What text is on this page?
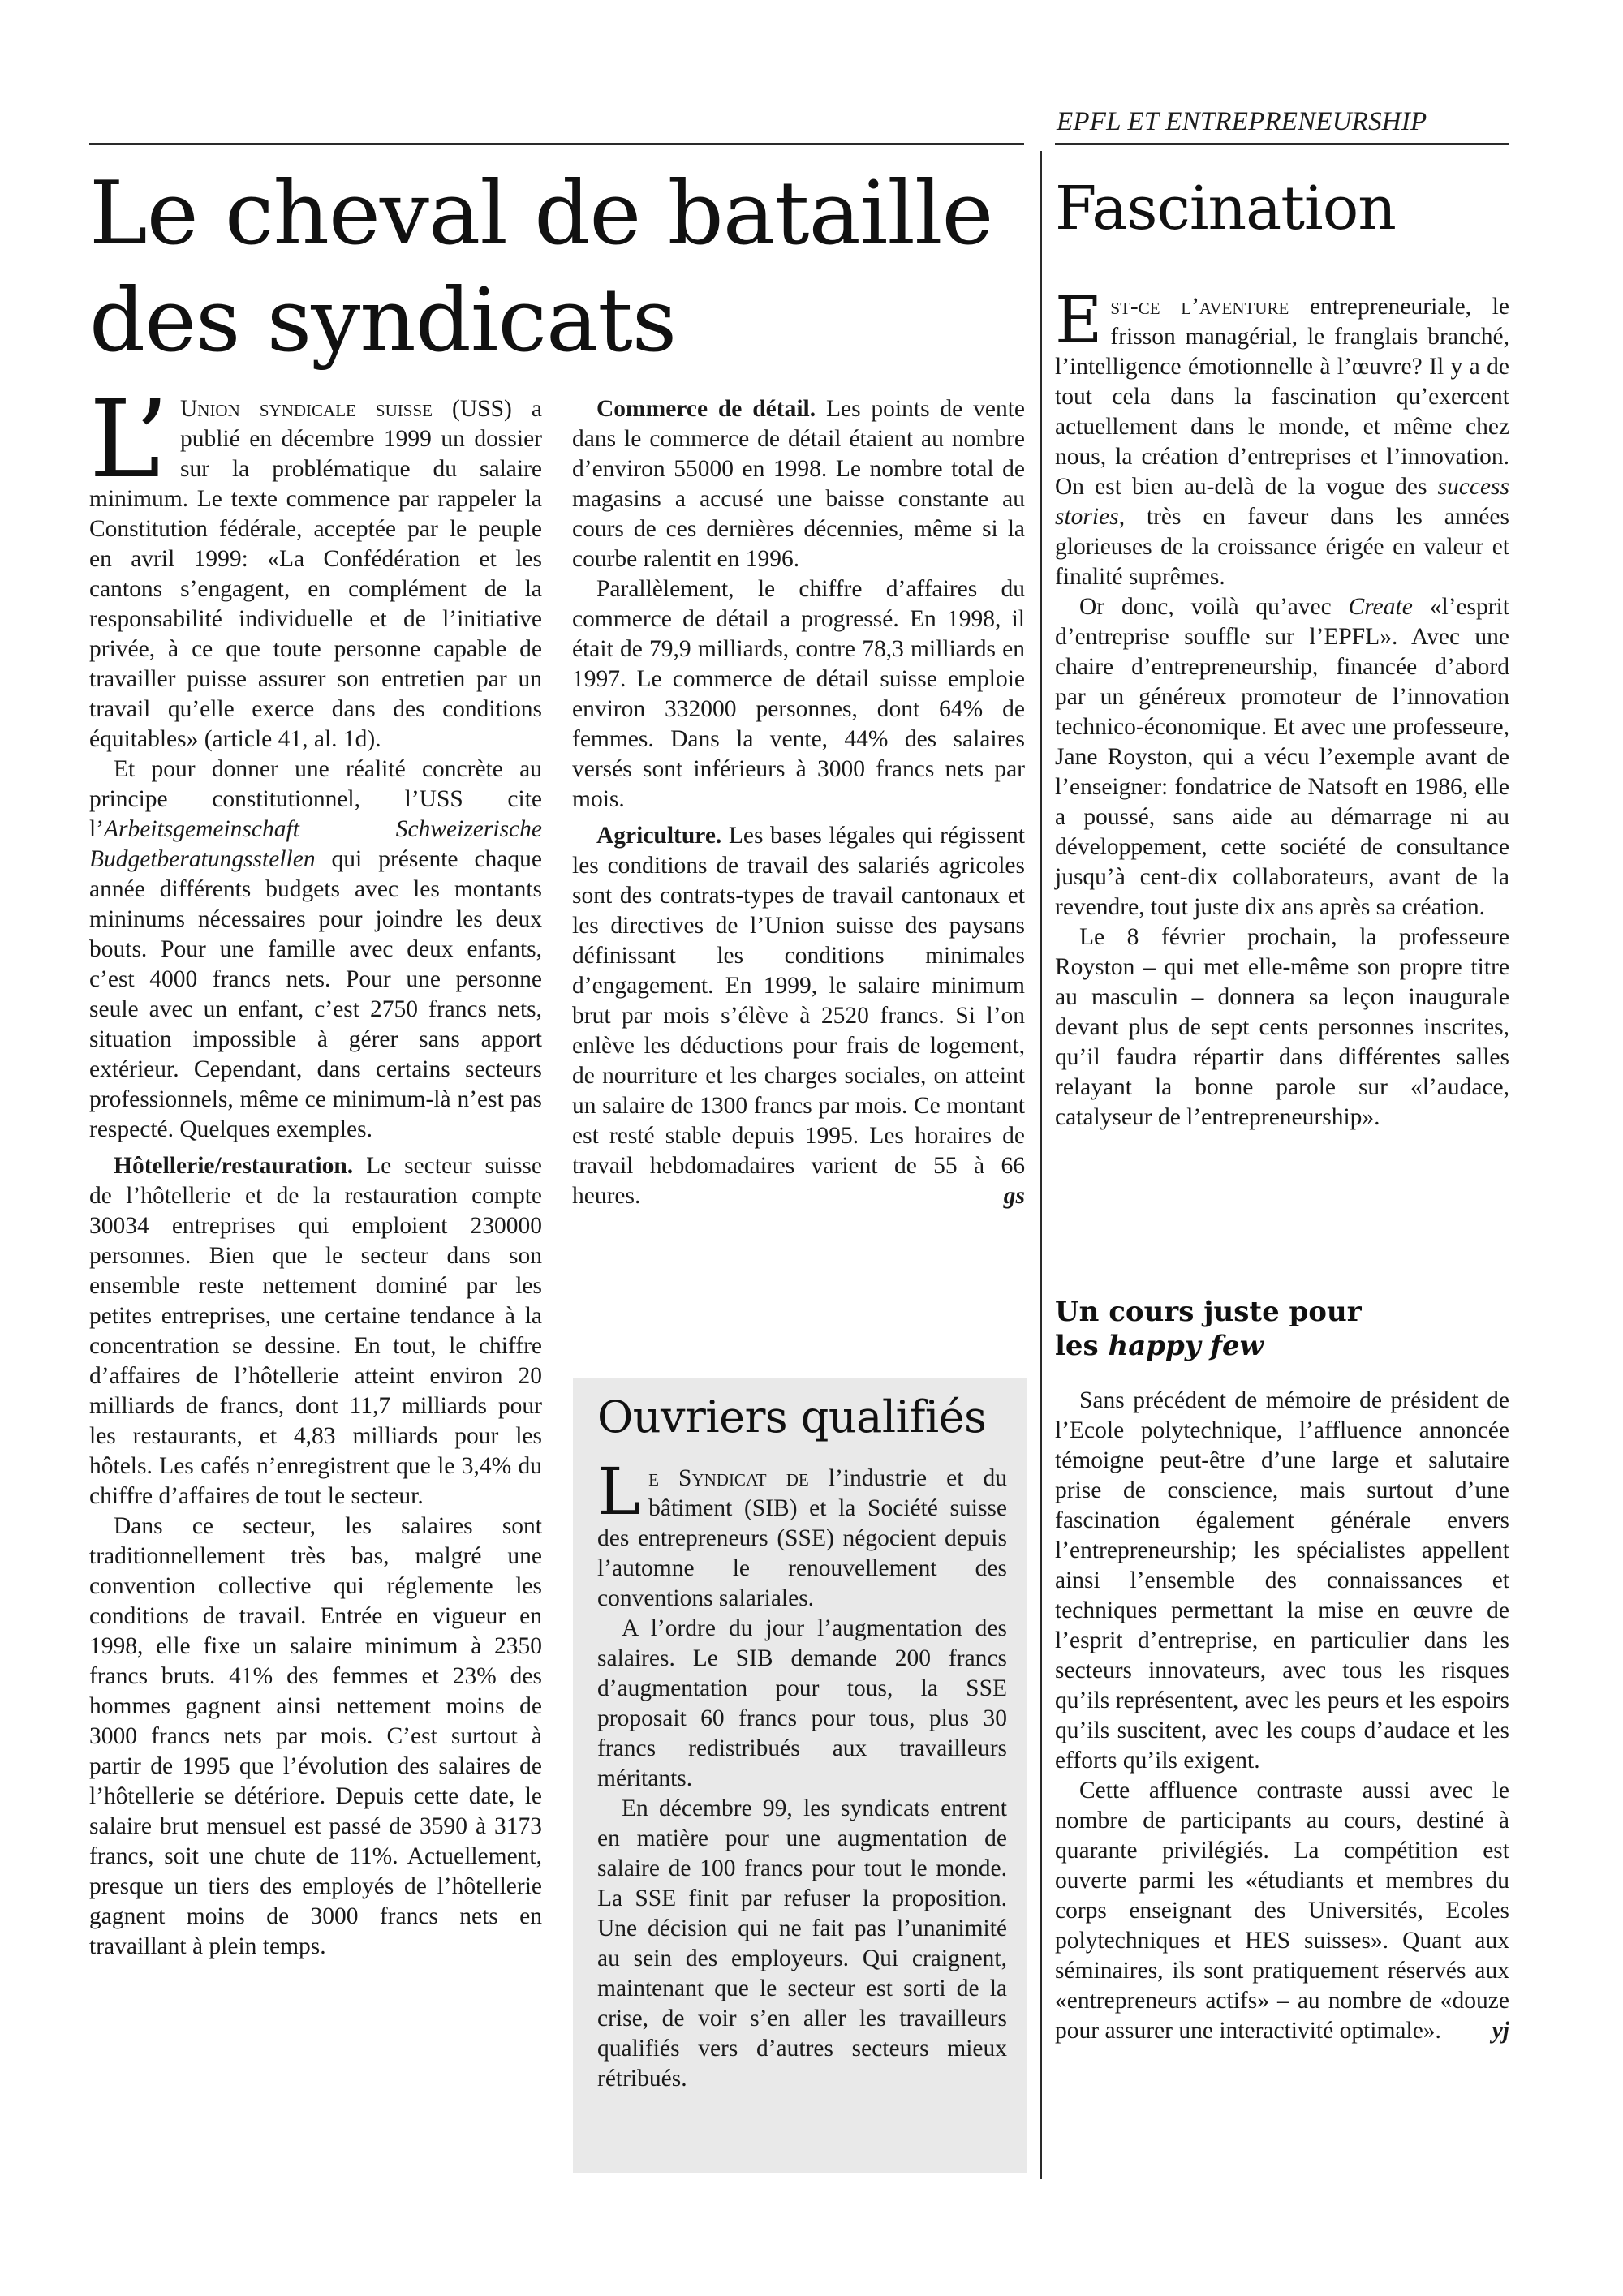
EPFL ET ENTREPRENEURSHIP

Le cheval de bataille des syndicats

L’ Union syndicale suisse (USS) a publié en décembre 1999 un dossier sur la problématique du salaire minimum. Le texte commence par rappeler la Constitution fédérale, acceptée par le peuple en avril 1999: «La Confédération et les cantons s’engagent, en complément de la responsabilité individuelle et de l’initiative privée, à ce que toute personne capable de travailler puisse assurer son entretien par un travail qu’elle exerce dans des conditions équitables» (article 41, al. 1d).

Et pour donner une réalité concrète au principe constitutionnel, l’USS cite l’Arbeitsgemeinschaft Schweizerische Budgetberatungsstellen qui présente chaque année différents budgets avec les montants mininums nécessaires pour joindre les deux bouts. Pour une famille avec deux enfants, c’est 4000 francs nets. Pour une personne seule avec un enfant, c’est 2750 francs nets, situation impossible à gérer sans apport extérieur. Cependant, dans certains secteurs professionnels, même ce minimum-là n’est pas respecté. Quelques exemples.

Hôtellerie/restauration. Le secteur suisse de l’hôtellerie et de la restauration compte 30034 entreprises qui emploient 230000 personnes. Bien que le secteur dans son ensemble reste nettement dominé par les petites entreprises, une certaine tendance à la concentration se dessine. En tout, le chiffre d’affaires de l’hôtellerie atteint environ 20 milliards de francs, dont 11,7 milliards pour les restaurants, et 4,83 milliards pour les hôtels. Les cafés n’enregistrent que le 3,4% du chiffre d’affaires de tout le secteur.

Dans ce secteur, les salaires sont traditionnellement très bas, malgré une convention collective qui réglemente les conditions de travail. Entrée en vigueur en 1998, elle fixe un salaire minimum à 2350 francs bruts. 41% des femmes et 23% des hommes gagnent ainsi nettement moins de 3000 francs nets par mois. C’est surtout à partir de 1995 que l’évolution des salaires de l’hôtellerie se détériore. Depuis cette date, le salaire brut mensuel est passé de 3590 à 3173 francs, soit une chute de 11%. Actuellement, presque un tiers des employés de l’hôtellerie gagnent moins de 3000 francs nets en travaillant à plein temps.

Commerce de détail. Les points de vente dans le commerce de détail étaient au nombre d’environ 55000 en 1998. Le nombre total de magasins a accusé une baisse constante au cours de ces dernières décennies, même si la courbe ralentit en 1996.

Parallèlement, le chiffre d’affaires du commerce de détail a progressé. En 1998, il était de 79,9 milliards, contre 78,3 milliards en 1997. Le commerce de détail suisse emploie environ 332000 personnes, dont 64% de femmes. Dans la vente, 44% des salaires versés sont inférieurs à 3000 francs nets par mois.

Agriculture. Les bases légales qui régissent les conditions de travail des salariés agricoles sont des contrats-types de travail cantonaux et les directives de l’Union suisse des paysans définissant les conditions minimales d’engagement. En 1999, le salaire minimum brut par mois s’élève à 2520 francs. Si l’on enlève les déductions pour frais de logement, de nourriture et les charges sociales, on atteint un salaire de 1300 francs par mois. Ce montant est resté stable depuis 1995. Les horaires de travail hebdomadaires varient de 55 à 66 heures.	gs
Ouvriers qualifiés

Le Syndicat de l’industrie et du bâtiment (SIB) et la Société suisse des entrepreneurs (SSE) négocient depuis l’automne le renouvellement des conventions salariales.

A l’ordre du jour l’augmentation des salaires. Le SIB demande 200 francs d’augmentation pour tous, la SSE proposait 60 francs pour tous, plus 30 francs redistribués aux travailleurs méritants.

En décembre 99, les syndicats entrent en matière pour une augmentation de salaire de 100 francs pour tout le monde. La SSE finit par refuser la proposition. Une décision qui ne fait pas l’unanimité au sein des employeurs. Qui craignent, maintenant que le secteur est sorti de la crise, de voir s’en aller les travailleurs qualifiés vers d’autres secteurs mieux rétribués.

Fascination

Est-ce l’aventure entrepreneuriale, le frisson managérial, le franglais branché, l’intelligence émotionnelle à l’œuvre? Il y a de tout cela dans la fascination qu’exercent actuellement dans le monde, et même chez nous, la création d’entreprises et l’innovation. On est bien au-delà de la vogue des success stories, très en faveur dans les années glorieuses de la croissance érigée en valeur et finalité suprêmes.

Or donc, voilà qu’avec Create «l’esprit d’entreprise souffle sur l’EPFL». Avec une chaire d’entrepreneurship, financée d’abord par un généreux promoteur de l’innovation technico-économique. Et avec une professeure, Jane Royston, qui a vécu l’exemple avant de l’enseigner: fondatrice de Natsoft en 1986, elle a poussé, sans aide au démarrage ni au développement, cette société de consultance jusqu’à cent-dix collaborateurs, avant de la revendre, tout juste dix ans après sa création.

Le 8 février prochain, la professeure Royston – qui met elle-même son propre titre au masculin – donnera sa leçon inaugurale devant plus de sept cents personnes inscrites, qu’il faudra répartir dans différentes salles relayant la bonne parole sur «l’audace, catalyseur de l’entrepreneurship».

Un cours juste pour
les happy few

Sans précédent de mémoire de président de l’Ecole polytechnique, l’affluence annoncée témoigne peut-être d’une large et salutaire prise de conscience, mais surtout d’une fascination également générale envers l’entrepreneurship; les spécialistes appellent ainsi l’ensemble des connaissances et techniques permettant la mise en œuvre de l’esprit d’entreprise, en particulier dans les secteurs innovateurs, avec tous les risques qu’ils représentent, avec les peurs et les espoirs qu’ils suscitent, avec les coups d’audace et les efforts qu’ils exigent.

Cette affluence contraste aussi avec le nombre de participants au cours, destiné à quarante privilégiés. La compétition est ouverte parmi les «étudiants et membres du corps enseignant des Universités, Ecoles polytechniques et HES suisses». Quant aux séminaires, ils sont pratiquement réservés aux «entrepreneurs actifs» – au nombre de «douze pour assurer une interactivité optimale».	yj
